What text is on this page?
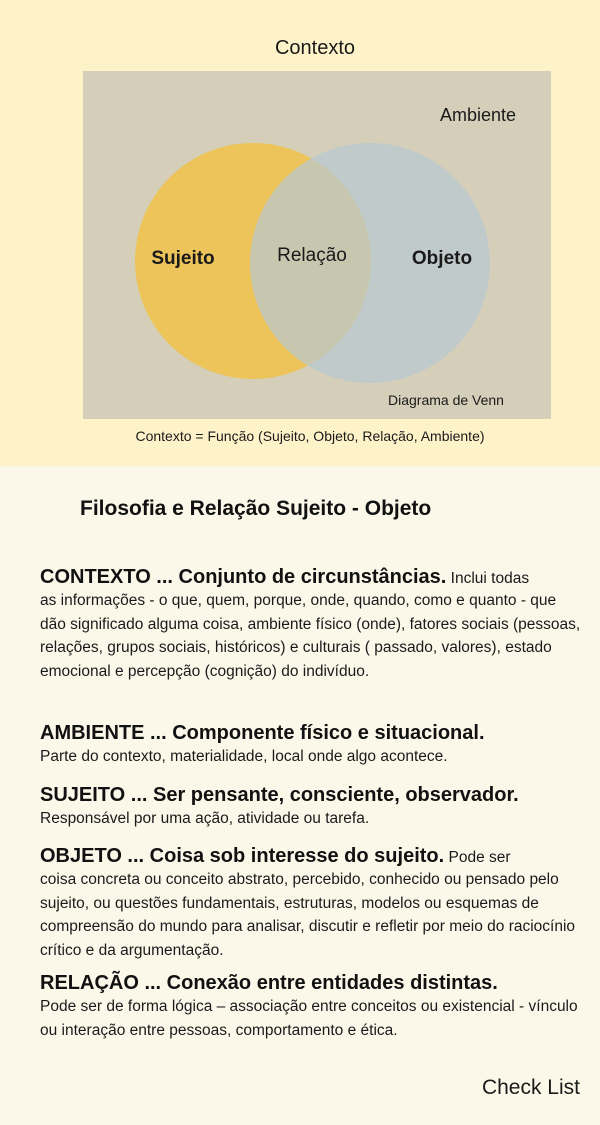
Contexto
Ambiente
Sujeito	Relação	Objeto
Diagrama de Venn
Contexto = Função (Sujeito, Objeto, Relação, Ambiente)
Filosofia e Relação Sujeito - Objeto
CONTEXTO ... Conjunto de circunstâncias. Inclui todas
as informações - o que, quem, porque, onde, quando, como e quanto - que dão significado alguma coisa, ambiente físico (onde), fatores sociais (pessoas, relações, grupos sociais, históricos) e culturais ( passado, valores), estado emocional e percepção (cognição) do indivíduo.
AMBIENTE ... Componente físico e situacional.
Parte do contexto, materialidade, local onde algo acontece.
SUJEITO ... Ser pensante, consciente, observador.
Responsável por uma ação, atividade ou tarefa.
OBJETO ... Coisa sob interesse do sujeito. Pode ser
coisa concreta ou conceito abstrato, percebido, conhecido ou pensado pelo sujeito, ou questões fundamentais, estruturas, modelos ou esquemas de compreensão do mundo para analisar, discutir e refletir por meio do raciocínio crítico e da argumentação.
RELAÇÃO ... Conexão entre entidades distintas.
Pode ser de forma lógica – associação entre conceitos ou existencial - vínculo ou interação entre pessoas, comportamento e ética.
Check List
